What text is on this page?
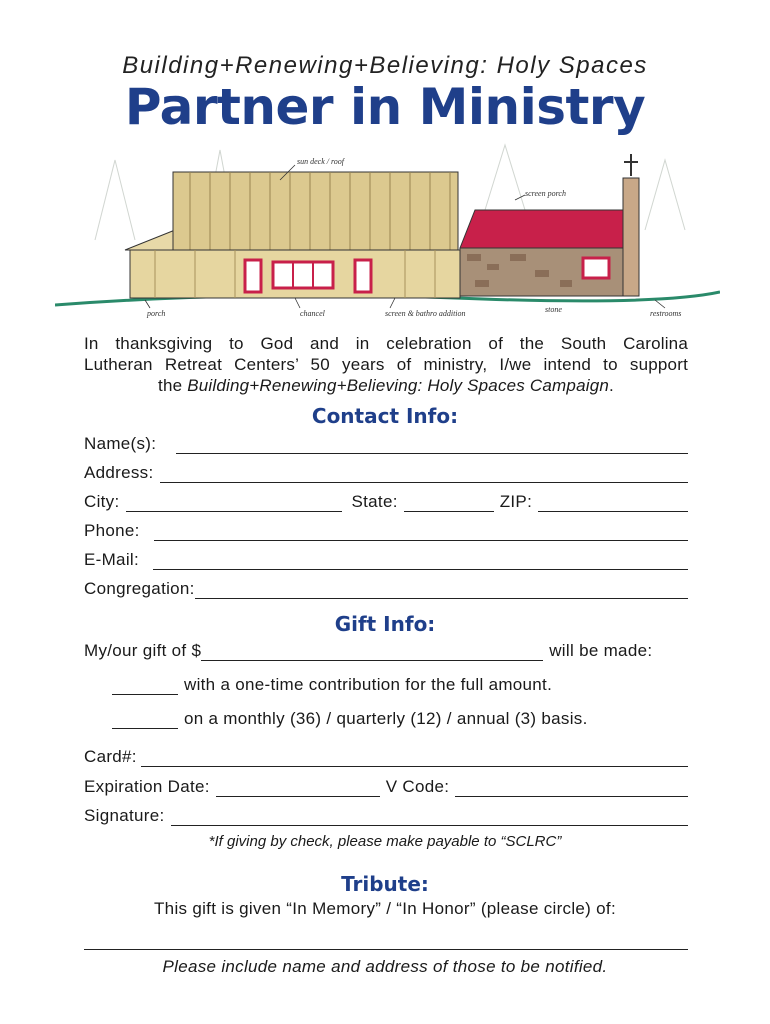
Building+Renewing+Believing: Holy Spaces
Partner in Ministry
sun deck / roof
screen porch
porch	chancel	screen & bathro addition	stone	restrooms
In thanksgiving to God and in celebration of the South Carolina
Lutheran Retreat Centers’ 50 years of ministry, I/we intend to support
the Building+Renewing+Believing: Holy Spaces Campaign.
Contact Info:
Name(s):
Address:
City:	State:	ZIP:
Phone:
E-Mail:
Congregation:
Gift Info:
My/our gift of $	will be made:
with a one-time contribution for the full amount.
on a monthly (36) / quarterly (12) / annual (3) basis.
Card#:
Expiration Date:	V Code:
Signature:
*If giving by check, please make payable to “SCLRC”
Tribute:
This gift is given “In Memory” / “In Honor” (please circle) of:
Please include name and address of those to be notified.
